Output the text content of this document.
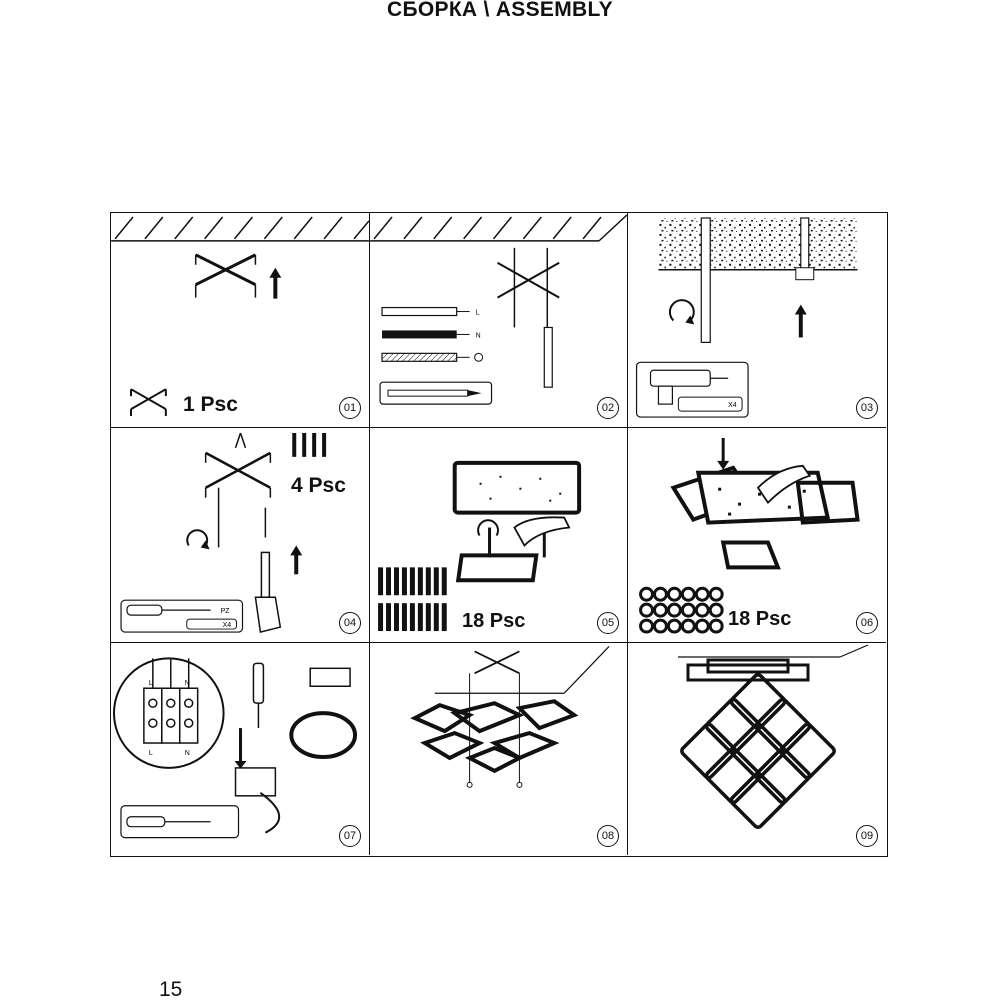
СБОРКА \ ASSEMBLY
1 Psc	01
L
N
02	X4	03
PZ
X4
4 Psc
04	18 Psc	05	18 Psc	06
L	N
L	N
07	08	09
15
